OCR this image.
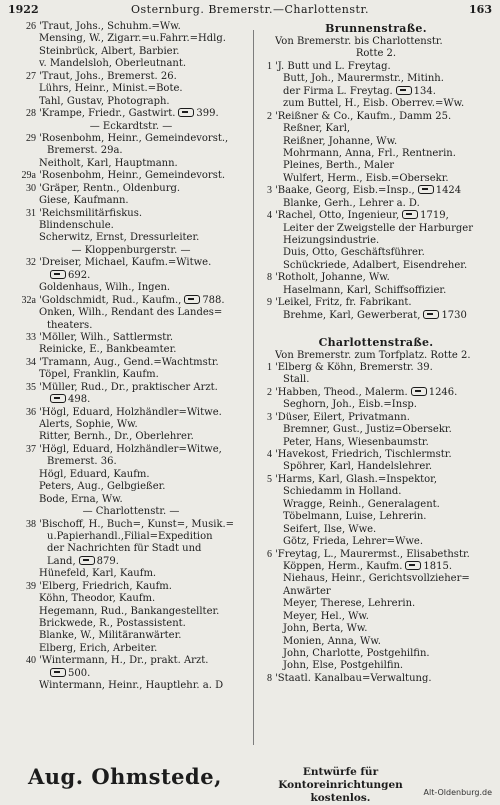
1922	Osternburg. Bremerstr.—Charlottenstr.	163
26 'Traut, Johs., Schuhm.=Ww.
Mensing, W., Zigarr.=u.Fahrr.=Hdlg.
Steinbrück, Albert, Barbier.
v. Mandelsloh, Oberleutnant.
27 'Traut, Johs., Bremerst. 26.
Lührs, Heinr., Minist.=Bote.
Tahl, Gustav, Photograph.
28 'Krampe, Friedr., Gastwirt. 399.
— Eckardtstr. —
29 'Rosenbohm, Heinr., Gemeindevorst.,
Bremerst. 29a.
Neitholt, Karl, Hauptmann.
29a 'Rosenbohm, Heinr., Gemeindevorst.
30 'Gräper, Rentn., Oldenburg.
Giese, Kaufmann.
31 'Reichsmilitärfiskus.
Blindenschule.
Scherwitz, Ernst, Dressurleiter.
— Kloppenburgerstr. —
32 'Dreiser, Michael, Kaufm.=Witwe.
692.
Goldenhaus, Wilh., Ingen.
32a 'Goldschmidt, Rud., Kaufm., 788.
Onken, Wilh., Rendant des Landes=
theaters.
33 'Möller, Wilh., Sattlermstr.
Reinicke, E., Bankbeamter.
34 'Tramann, Aug., Gend.=Wachtmstr.
Töpel, Franklin, Kaufm.
35 'Müller, Rud., Dr., praktischer Arzt.
498.
36 'Högl, Eduard, Holzhändler=Witwe.
Alerts, Sophie, Ww.
Ritter, Bernh., Dr., Oberlehrer.
37 'Högl, Eduard, Holzhändler=Witwe,
Bremerst. 36.
Högl, Eduard, Kaufm.
Peters, Aug., Gelbgießer.
Bode, Erna, Ww.
— Charlottenstr. —
38 'Bischoff, H., Buch=, Kunst=, Musik.=
u.Papierhandl.,Filial=Expedition
der Nachrichten für Stadt und
Land, 879.
Hünefeld, Karl, Kaufm.
39 'Elberg, Friedrich, Kaufm.
Köhn, Theodor, Kaufm.
Hegemann, Rud., Bankangestellter.
Brickwede, R., Postassistent.
Blanke, W., Militäranwärter.
Elberg, Erich, Arbeiter.
40 'Wintermann, H., Dr., prakt. Arzt.
500.
Wintermann, Heinr., Hauptlehr. a. D
Brunnenstraße.
Von Bremerstr. bis Charlottenstr.
Rotte 2.
1 'J. Butt und L. Freytag.
Butt, Joh., Maurermstr., Mitinh.
der Firma L. Freytag. 134.
zum Buttel, H., Eisb. Oberrev.=Ww.
2 'Reißner & Co., Kaufm., Damm 25.
Reßner, Karl,
Reißner, Johanne, Ww.
Mohrmann, Anna, Frl., Rentnerin.
Pleines, Berth., Maler
Wulfert, Herm., Eisb.=Obersekr.
3 'Baake, Georg, Eisb.=Insp., 1424
Blanke, Gerh., Lehrer a. D.
4 'Rachel, Otto, Ingenieur, 1719,
Leiter der Zweigstelle der Harburger
Heizungsindustrie.
Duis, Otto, Geschäftsführer.
Schückriede, Adalbert, Eisendreher.
8 'Rotholt, Johanne, Ww.
Haselmann, Karl, Schiffsoffizier.
9 'Leikel, Fritz, fr. Fabrikant.
Brehme, Karl, Gewerberat, 1730
Charlottenstraße.
Von Bremerstr. zum Torfplatz. Rotte 2.
1 'Elberg & Köhn, Bremerstr. 39.
Stall.
2 'Habben, Theod., Malerm. 1246.
Seghorn, Joh., Eisb.=Insp.
3 'Düser, Eilert, Privatmann.
Bremner, Gust., Justiz=Obersekr.
Peter, Hans, Wiesenbaumstr.
4 'Havekost, Friedrich, Tischlermstr.
Spöhrer, Karl, Handelslehrer.
5 'Harms, Karl, Glash.=Inspektor,
Schiedamm in Holland.
Wragge, Reinh., Generalagent.
Töbelmann, Luise, Lehrerin.
Seifert, Ilse, Wwe.
Götz, Frieda, Lehrer=Wwe.
6 'Freytag, L., Maurermst., Elisabethstr.
Köppen, Herm., Kaufm. 1815.
Niehaus, Heinr., Gerichtsvollzieher=
Anwärter
Meyer, Therese, Lehrerin.
Meyer, Hel., Ww.
John, Berta, Ww.
Monien, Anna, Ww.
John, Charlotte, Postgehilfin.
John, Else, Postgehilfin.
8 'Staatl. Kanalbau=Verwaltung.
Aug. Ohmstede,	Entwürfe für Kontoreinrichtungen
kostenlos.	Alt-Oldenburg.de
